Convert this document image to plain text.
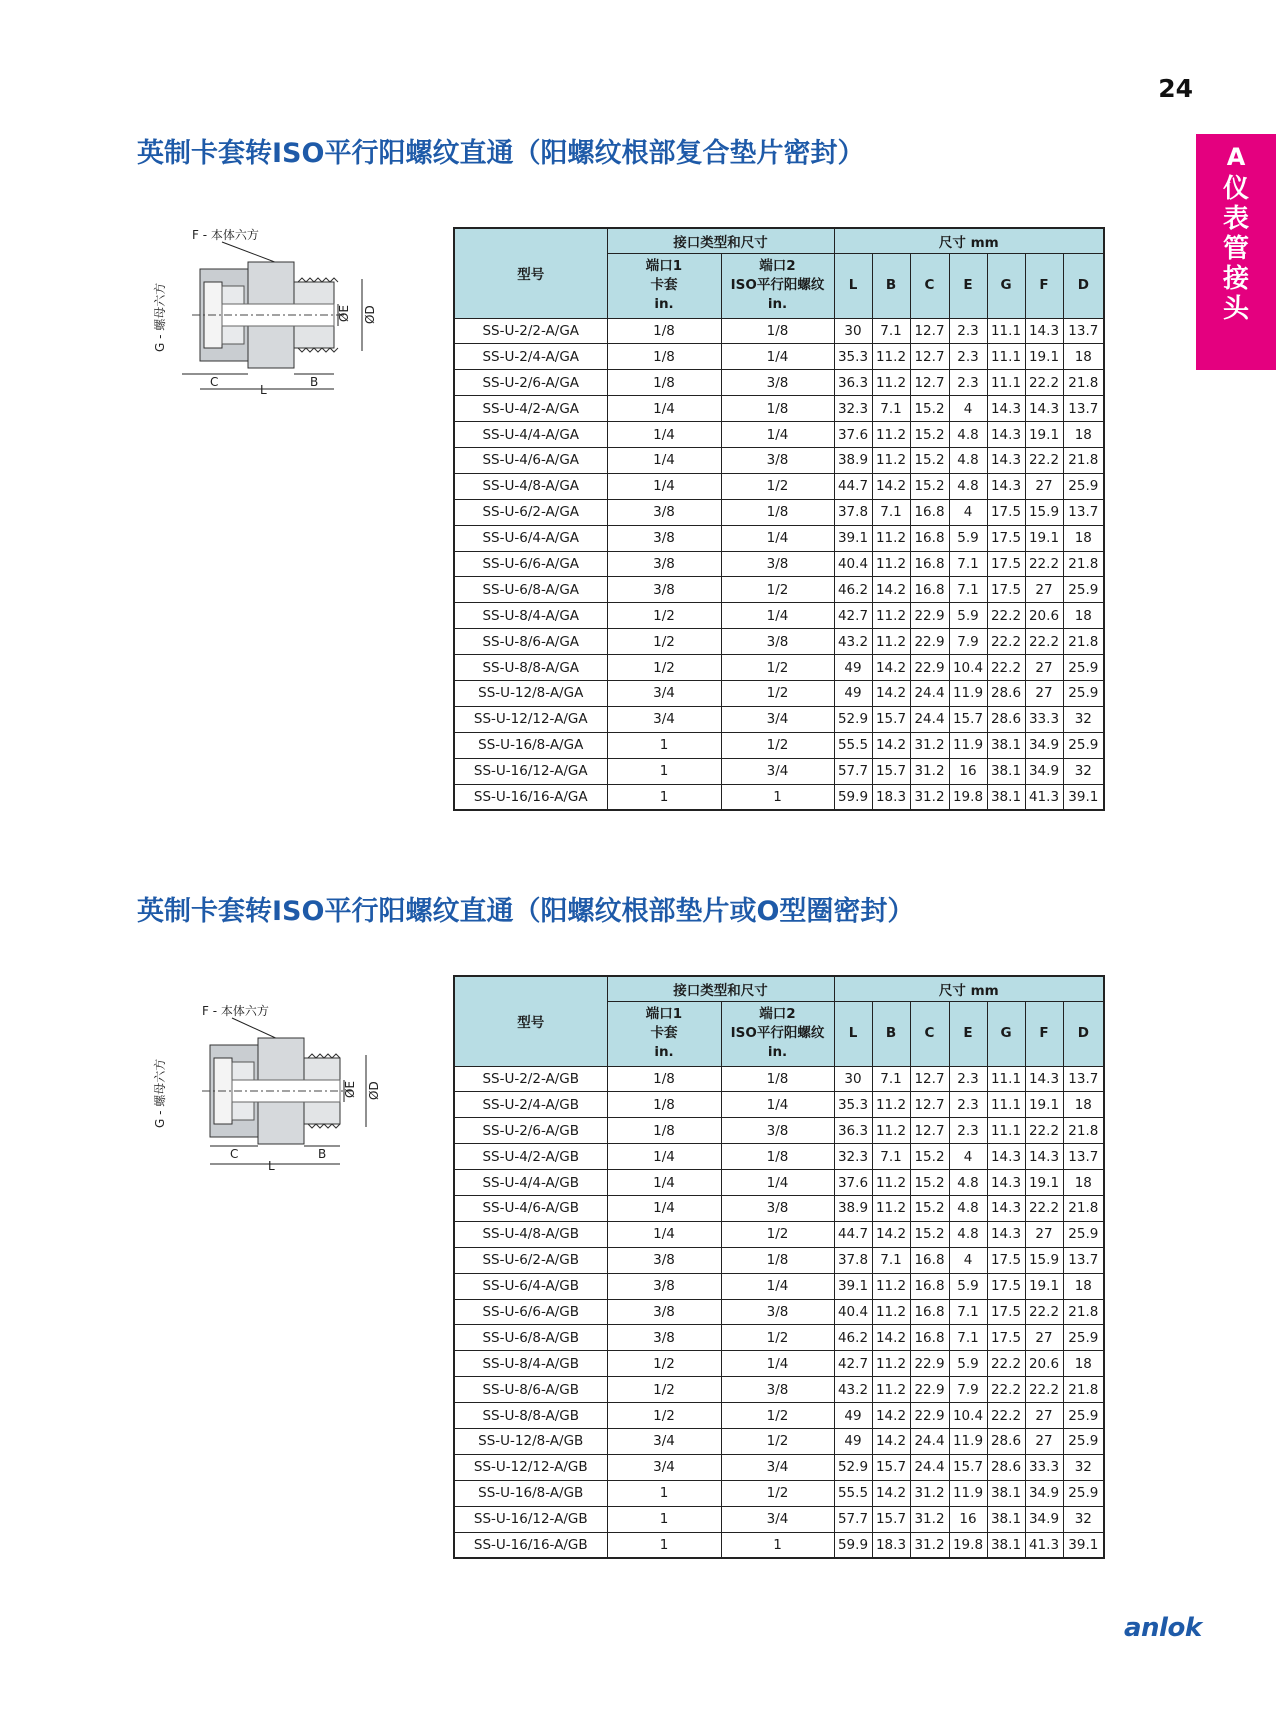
24
A
仪表管接头
英制卡套转ISO平行阳螺纹直通（阳螺纹根部复合垫片密封）
F - 本体六方
G - 螺母六方	ØE ØD
C	B
L
型号	接口类型和尺寸		尺寸 mm						
	端口1
卡套
in.	端口2
ISO平行阳螺纹
in.	L	B	C	E	G	F	D
SS-U-2/2-A/GA	1/8	1/8	30	7.1	12.7	2.3	11.1	14.3	13.7
SS-U-2/4-A/GA	1/8	1/4	35.3	11.2	12.7	2.3	11.1	19.1	18
SS-U-2/6-A/GA	1/8	3/8	36.3	11.2	12.7	2.3	11.1	22.2	21.8
SS-U-4/2-A/GA	1/4	1/8	32.3	7.1	15.2	4	14.3	14.3	13.7
SS-U-4/4-A/GA	1/4	1/4	37.6	11.2	15.2	4.8	14.3	19.1	18
SS-U-4/6-A/GA	1/4	3/8	38.9	11.2	15.2	4.8	14.3	22.2	21.8
SS-U-4/8-A/GA	1/4	1/2	44.7	14.2	15.2	4.8	14.3	27	25.9
SS-U-6/2-A/GA	3/8	1/8	37.8	7.1	16.8	4	17.5	15.9	13.7
SS-U-6/4-A/GA	3/8	1/4	39.1	11.2	16.8	5.9	17.5	19.1	18
SS-U-6/6-A/GA	3/8	3/8	40.4	11.2	16.8	7.1	17.5	22.2	21.8
SS-U-6/8-A/GA	3/8	1/2	46.2	14.2	16.8	7.1	17.5	27	25.9
SS-U-8/4-A/GA	1/2	1/4	42.7	11.2	22.9	5.9	22.2	20.6	18
SS-U-8/6-A/GA	1/2	3/8	43.2	11.2	22.9	7.9	22.2	22.2	21.8
SS-U-8/8-A/GA	1/2	1/2	49	14.2	22.9	10.4	22.2	27	25.9
SS-U-12/8-A/GA	3/4	1/2	49	14.2	24.4	11.9	28.6	27	25.9
SS-U-12/12-A/GA	3/4	3/4	52.9	15.7	24.4	15.7	28.6	33.3	32
SS-U-16/8-A/GA	1	1/2	55.5	14.2	31.2	11.9	38.1	34.9	25.9
SS-U-16/12-A/GA	1	3/4	57.7	15.7	31.2	16	38.1	34.9	32
SS-U-16/16-A/GA	1	1	59.9	18.3	31.2	19.8	38.1	41.3	39.1
英制卡套转ISO平行阳螺纹直通（阳螺纹根部垫片或O型圈密封）
F - 本体六方
G - 螺母六方	ØE ØD
C	B
L
型号	接口类型和尺寸		尺寸 mm						
	端口1
卡套
in.	端口2
ISO平行阳螺纹
in.	L	B	C	E	G	F	D
SS-U-2/2-A/GB	1/8	1/8	30	7.1	12.7	2.3	11.1	14.3	13.7
SS-U-2/4-A/GB	1/8	1/4	35.3	11.2	12.7	2.3	11.1	19.1	18
SS-U-2/6-A/GB	1/8	3/8	36.3	11.2	12.7	2.3	11.1	22.2	21.8
SS-U-4/2-A/GB	1/4	1/8	32.3	7.1	15.2	4	14.3	14.3	13.7
SS-U-4/4-A/GB	1/4	1/4	37.6	11.2	15.2	4.8	14.3	19.1	18
SS-U-4/6-A/GB	1/4	3/8	38.9	11.2	15.2	4.8	14.3	22.2	21.8
SS-U-4/8-A/GB	1/4	1/2	44.7	14.2	15.2	4.8	14.3	27	25.9
SS-U-6/2-A/GB	3/8	1/8	37.8	7.1	16.8	4	17.5	15.9	13.7
SS-U-6/4-A/GB	3/8	1/4	39.1	11.2	16.8	5.9	17.5	19.1	18
SS-U-6/6-A/GB	3/8	3/8	40.4	11.2	16.8	7.1	17.5	22.2	21.8
SS-U-6/8-A/GB	3/8	1/2	46.2	14.2	16.8	7.1	17.5	27	25.9
SS-U-8/4-A/GB	1/2	1/4	42.7	11.2	22.9	5.9	22.2	20.6	18
SS-U-8/6-A/GB	1/2	3/8	43.2	11.2	22.9	7.9	22.2	22.2	21.8
SS-U-8/8-A/GB	1/2	1/2	49	14.2	22.9	10.4	22.2	27	25.9
SS-U-12/8-A/GB	3/4	1/2	49	14.2	24.4	11.9	28.6	27	25.9
SS-U-12/12-A/GB	3/4	3/4	52.9	15.7	24.4	15.7	28.6	33.3	32
SS-U-16/8-A/GB	1	1/2	55.5	14.2	31.2	11.9	38.1	34.9	25.9
SS-U-16/12-A/GB	1	3/4	57.7	15.7	31.2	16	38.1	34.9	32
SS-U-16/16-A/GB	1	1	59.9	18.3	31.2	19.8	38.1	41.3	39.1
anlok
